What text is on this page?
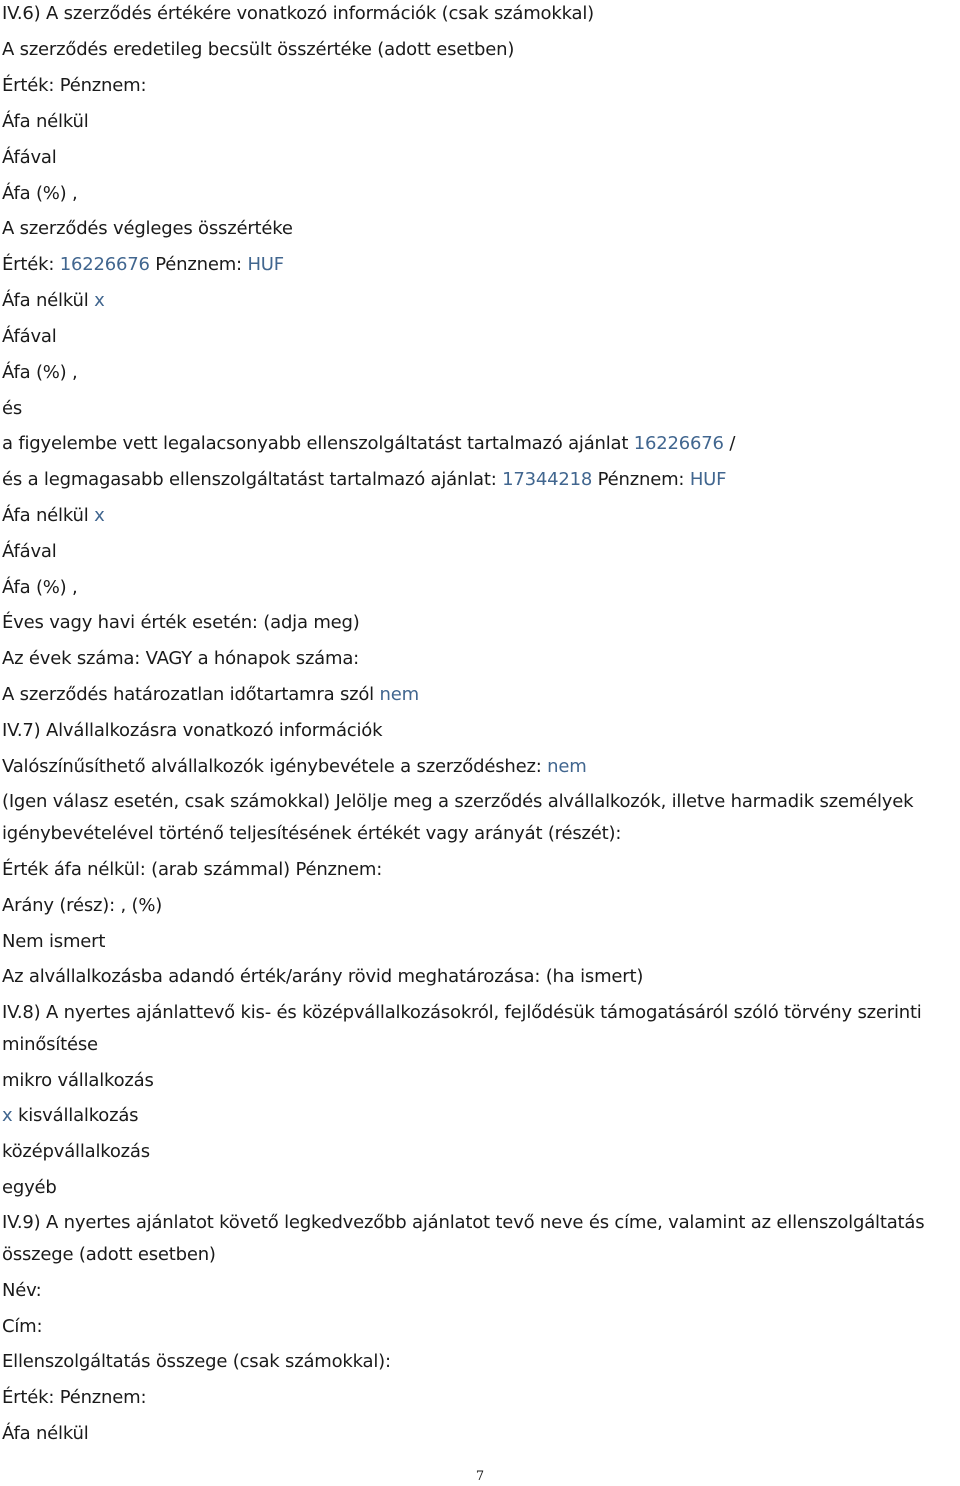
IV.6) A szerződés értékére vonatkozó információk (csak számokkal)
A szerződés eredetileg becsült összértéke (adott esetben)
Érték: Pénznem:
Áfa nélkül
Áfával
Áfa (%) ,
A szerződés végleges összértéke
Érték: 16226676 Pénznem: HUF
Áfa nélkül x
Áfával
Áfa (%) ,
és
a figyelembe vett legalacsonyabb ellenszolgáltatást tartalmazó ajánlat 16226676 /
és a legmagasabb ellenszolgáltatást tartalmazó ajánlat: 17344218 Pénznem: HUF
Áfa nélkül x
Áfával
Áfa (%) ,
Éves vagy havi érték esetén: (adja meg)
Az évek száma: VAGY a hónapok száma:
A szerződés határozatlan időtartamra szól nem
IV.7) Alvállalkozásra vonatkozó információk
Valószínűsíthető alvállalkozók igénybevétele a szerződéshez: nem
(Igen válasz esetén, csak számokkal) Jelölje meg a szerződés alvállalkozók, illetve harmadik személyek igénybevételével történő teljesítésének értékét vagy arányát (részét):
Érték áfa nélkül: (arab számmal) Pénznem:
Arány (rész): , (%)
Nem ismert
Az alvállalkozásba adandó érték/arány rövid meghatározása: (ha ismert)
IV.8) A nyertes ajánlattevő kis- és középvállalkozásokról, fejlődésük támogatásáról szóló törvény szerinti minősítése
mikro vállalkozás
x kisvállalkozás
középvállalkozás
egyéb
IV.9) A nyertes ajánlatot követő legkedvezőbb ajánlatot tevő neve és címe, valamint az ellenszolgáltatás összege (adott esetben)
Név:
Cím:
Ellenszolgáltatás összege (csak számokkal):
Érték: Pénznem:
Áfa nélkül
7
